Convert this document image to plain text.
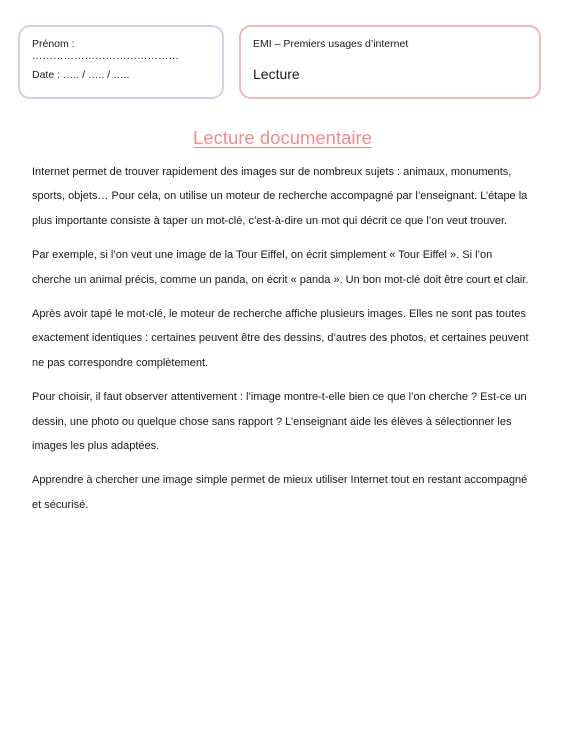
Prénom : ……………………………………
Date : ….. / ….. / …..
EMI – Premiers usages d’internet
Lecture
Lecture documentaire

Internet permet de trouver rapidement des images sur de nombreux sujets : animaux, monuments, sports, objets… Pour cela, on utilise un moteur de recherche accompagné par l’enseignant. L’étape la plus importante consiste à taper un mot-clé, c’est-à-dire un mot qui décrit ce que l’on veut trouver.

Par exemple, si l’on veut une image de la Tour Eiffel, on écrit simplement « Tour Eiffel ». Si l’on cherche un animal précis, comme un panda, on écrit « panda ». Un bon mot-clé doit être court et clair.

Après avoir tapé le mot-clé, le moteur de recherche affiche plusieurs images. Elles ne sont pas toutes exactement identiques : certaines peuvent être des dessins, d’autres des photos, et certaines peuvent ne pas correspondre complètement.

Pour choisir, il faut observer attentivement : l’image montre-t-elle bien ce que l’on cherche ? Est-ce un dessin, une photo ou quelque chose sans rapport ? L’enseignant aide les élèves à sélectionner les images les plus adaptées.

Apprendre à chercher une image simple permet de mieux utiliser Internet tout en restant accompagné et sécurisé.
